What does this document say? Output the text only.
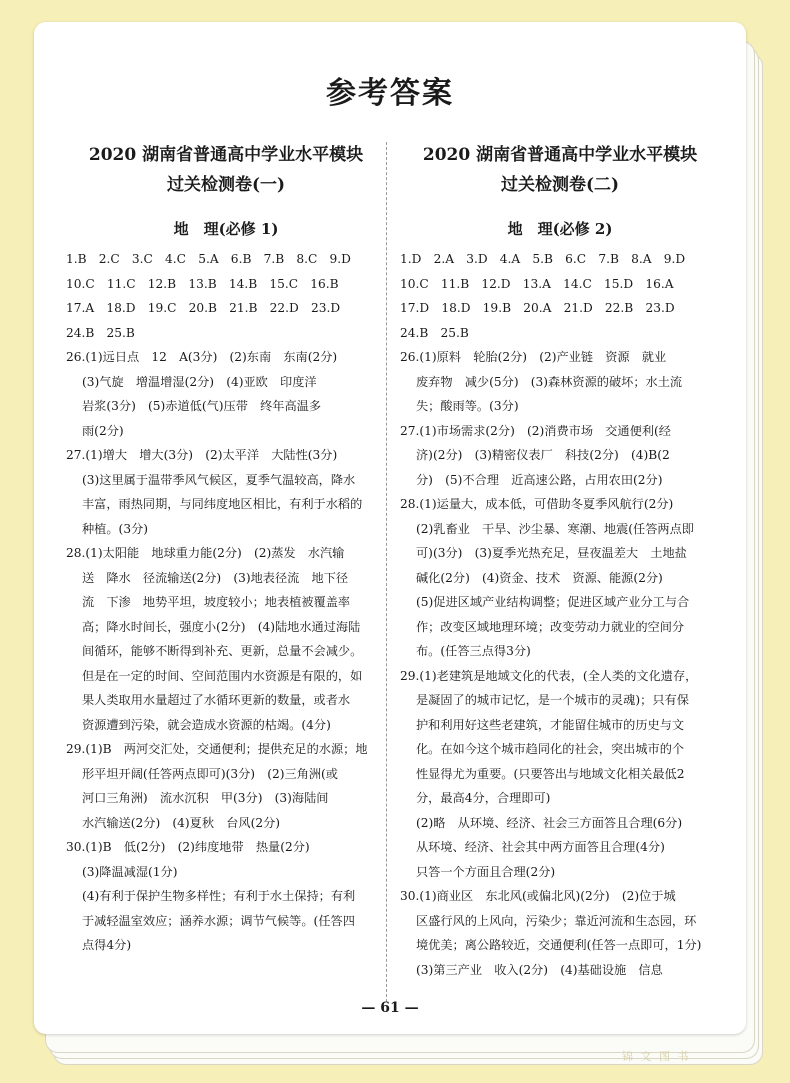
参考答案
2020 湖南省普通高中学业水平模块
过关检测卷(一)
地　理(必修 1)

1.B　2.C　3.C　4.C　5.A　6.B　7.B　8.C　9.D

10.C　11.C　12.B　13.B　14.B　15.C　16.B

17.A　18.D　19.C　20.B　21.B　22.D　23.D

24.B　25.B

26.(1)远日点　12　A(3分)　(2)东南　东南(2分)

(3)气旋　增温增湿(2分)　(4)亚欧　印度洋

岩浆(3分)　(5)赤道低(气)压带　终年高温多

雨(2分)

27.(1)增大　增大(3分)　(2)太平洋　大陆性(3分)

(3)这里属于温带季风气候区，夏季气温较高，降水

丰富，雨热同期，与同纬度地区相比，有利于水稻的

种植。(3分)

28.(1)太阳能　地球重力能(2分)　(2)蒸发　水汽输

送　降水　径流输送(2分)　(3)地表径流　地下径

流　下渗　地势平坦，坡度较小；地表植被覆盖率

高；降水时间长，强度小(2分)　(4)陆地水通过海陆

间循环，能够不断得到补充、更新，总量不会减少。

但是在一定的时间、空间范围内水资源是有限的，如

果人类取用水量超过了水循环更新的数量，或者水

资源遭到污染，就会造成水资源的枯竭。(4分)

29.(1)B　两河交汇处，交通便利；提供充足的水源；地

形平坦开阔(任答两点即可)(3分)　(2)三角洲(或

河口三角洲)　流水沉积　甲(3分)　(3)海陆间

水汽输送(2分)　(4)夏秋　台风(2分)

30.(1)B　低(2分)　(2)纬度地带　热量(2分)

(3)降温减湿(1分)

(4)有利于保护生物多样性；有利于水土保持；有利

于减轻温室效应；涵养水源；调节气候等。(任答四

点得4分)

2020 湖南省普通高中学业水平模块
过关检测卷(二)
地　理(必修 2)

1.D　2.A　3.D　4.A　5.B　6.C　7.B　8.A　9.D

10.C　11.B　12.D　13.A　14.C　15.D　16.A

17.D　18.D　19.B　20.A　21.D　22.B　23.D

24.B　25.B

26.(1)原料　轮胎(2分)　(2)产业链　资源　就业

废弃物　减少(5分)　(3)森林资源的破坏；水土流

失；酸雨等。(3分)

27.(1)市场需求(2分)　(2)消费市场　交通便利(经

济)(2分)　(3)精密仪表厂　科技(2分)　(4)B(2

分)　(5)不合理　近高速公路，占用农田(2分)

28.(1)运量大，成本低，可借助冬夏季风航行(2分)

(2)乳畜业　干旱、沙尘暴、寒潮、地震(任答两点即

可)(3分)　(3)夏季光热充足，昼夜温差大　土地盐

碱化(2分)　(4)资金、技术　资源、能源(2分)

(5)促进区域产业结构调整；促进区域产业分工与合

作；改变区域地理环境；改变劳动力就业的空间分

布。(任答三点得3分)

29.(1)老建筑是地域文化的代表，(全人类的文化遗存，

是凝固了的城市记忆，是一个城市的灵魂)；只有保

护和利用好这些老建筑，才能留住城市的历史与文

化。在如今这个城市趋同化的社会，突出城市的个

性显得尤为重要。(只要答出与地域文化相关最低2

分，最高4分，合理即可)

(2)略　从环境、经济、社会三方面答且合理(6分)

从环境、经济、社会其中两方面答且合理(4分)

只答一个方面且合理(2分)

30.(1)商业区　东北风(或偏北风)(2分)　(2)位于城

区盛行风的上风向，污染少；靠近河流和生态园，环

境优美；离公路较近，交通便利(任答一点即可，1分)

(3)第三产业　收入(2分)　(4)基础设施　信息

— 61 —
锦 文 图 书
